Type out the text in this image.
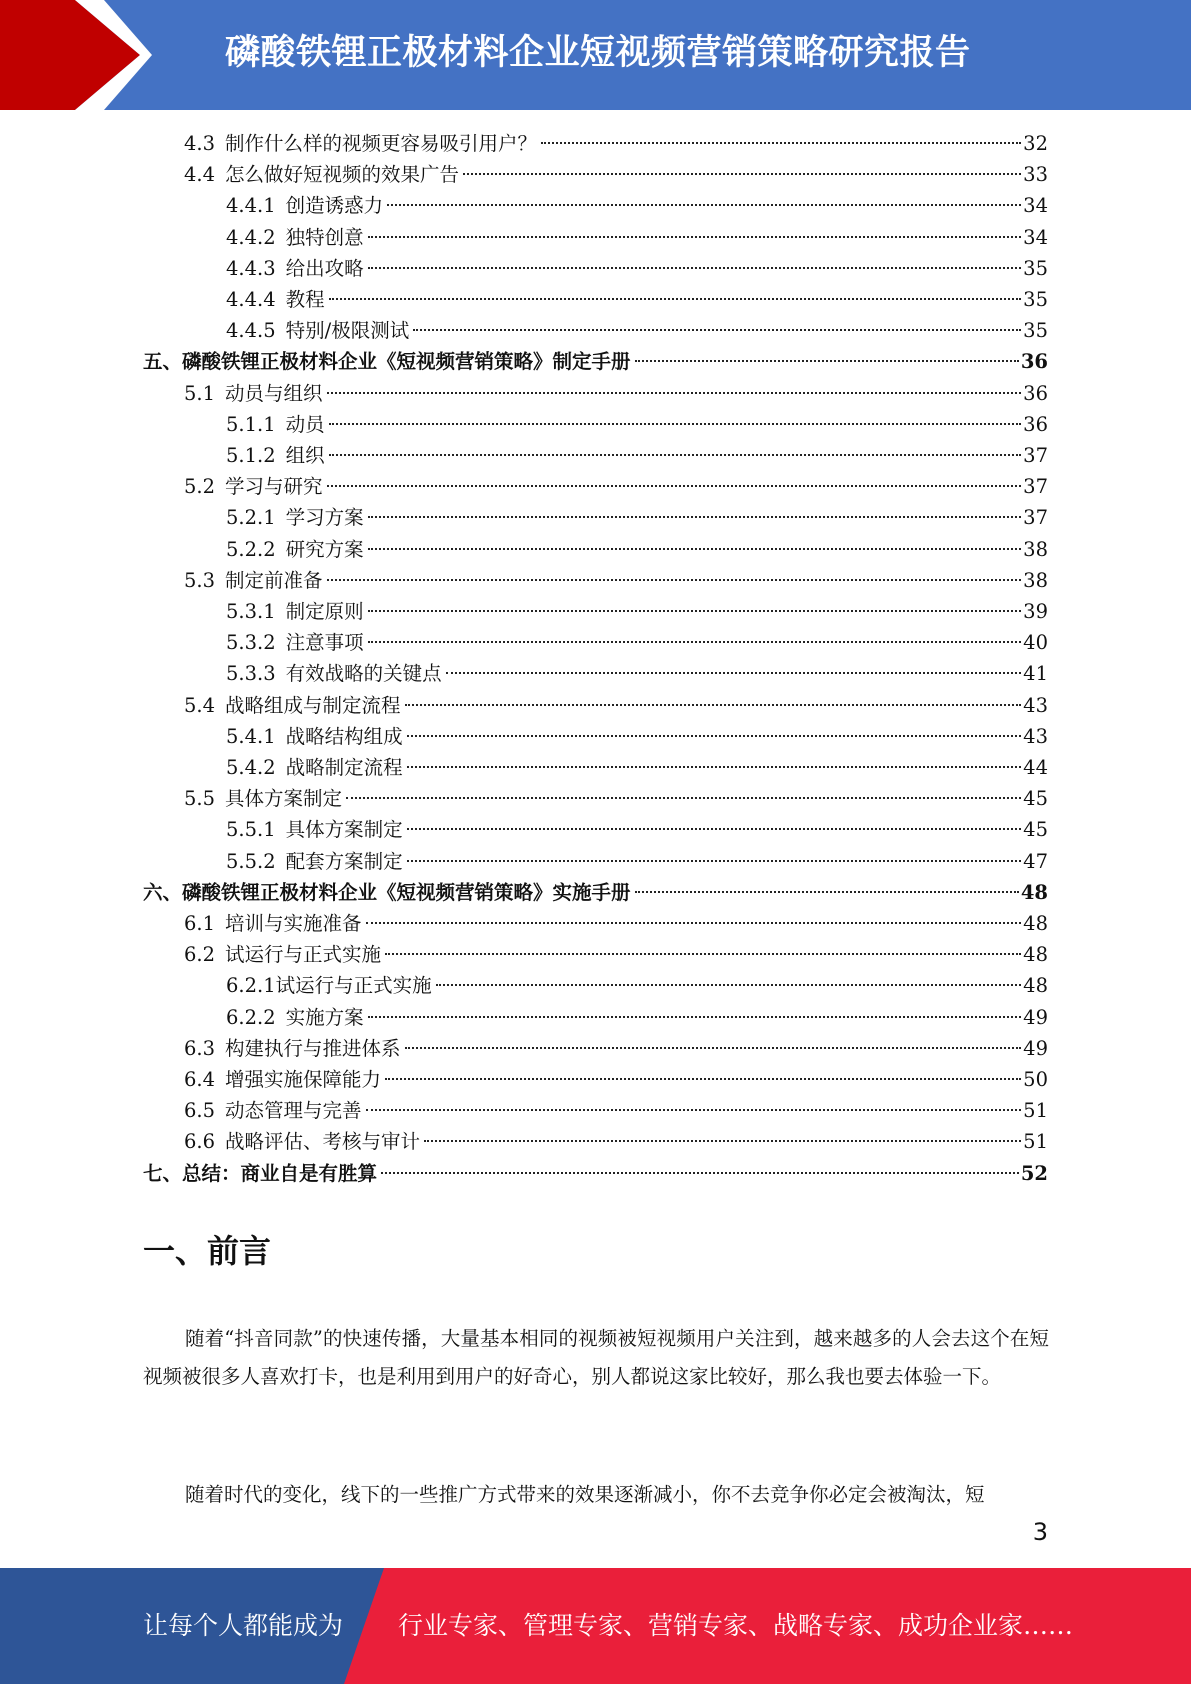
磷酸铁锂正极材料企业短视频营销策略研究报告
4.3 制作什么样的视频更容易吸引用户？	32
4.4 怎么做好短视频的效果广告	33
4.4.1 创造诱惑力	34
4.4.2 独特创意	34
4.4.3 给出攻略	35
4.4.4 教程	35
4.4.5 特别/极限测试	35
五、 磷酸铁锂正极材料企业《短视频营销策略》制定手册	36
5.1 动员与组织	36
5.1.1 动员	36
5.1.2 组织	37
5.2 学习与研究	37
5.2.1 学习方案	37
5.2.2 研究方案	38
5.3 制定前准备	38
5.3.1 制定原则	39
5.3.2 注意事项	40
5.3.3 有效战略的关键点	41
5.4 战略组成与制定流程	43
5.4.1 战略结构组成	43
5.4.2 战略制定流程	44
5.5 具体方案制定	45
5.5.1 具体方案制定	45
5.5.2 配套方案制定	47
六、 磷酸铁锂正极材料企业《短视频营销策略》实施手册	48
6.1 培训与实施准备	48
6.2 试运行与正式实施	48
6.2.1 试运行与正式实施	48
6.2.2 实施方案	49
6.3 构建执行与推进体系	49
6.4 增强实施保障能力	50
6.5 动态管理与完善	51
6.6 战略评估、考核与审计	51
七、 总结：商业自是有胜算	52
一、前言

随着“抖音同款”的快速传播，大量基本相同的视频被短视频用户关注到，越来越多的人会去这个在短视频被很多人喜欢打卡，也是利用到用户的好奇心，别人都说这家比较好，那么我也要去体验一下。

随着时代的变化，线下的一些推广方式带来的效果逐渐减小，你不去竞争你必定会被淘汰，短

3
让每个人都能成为 行业专家、管理专家、营销专家、战略专家、成功企业家……
